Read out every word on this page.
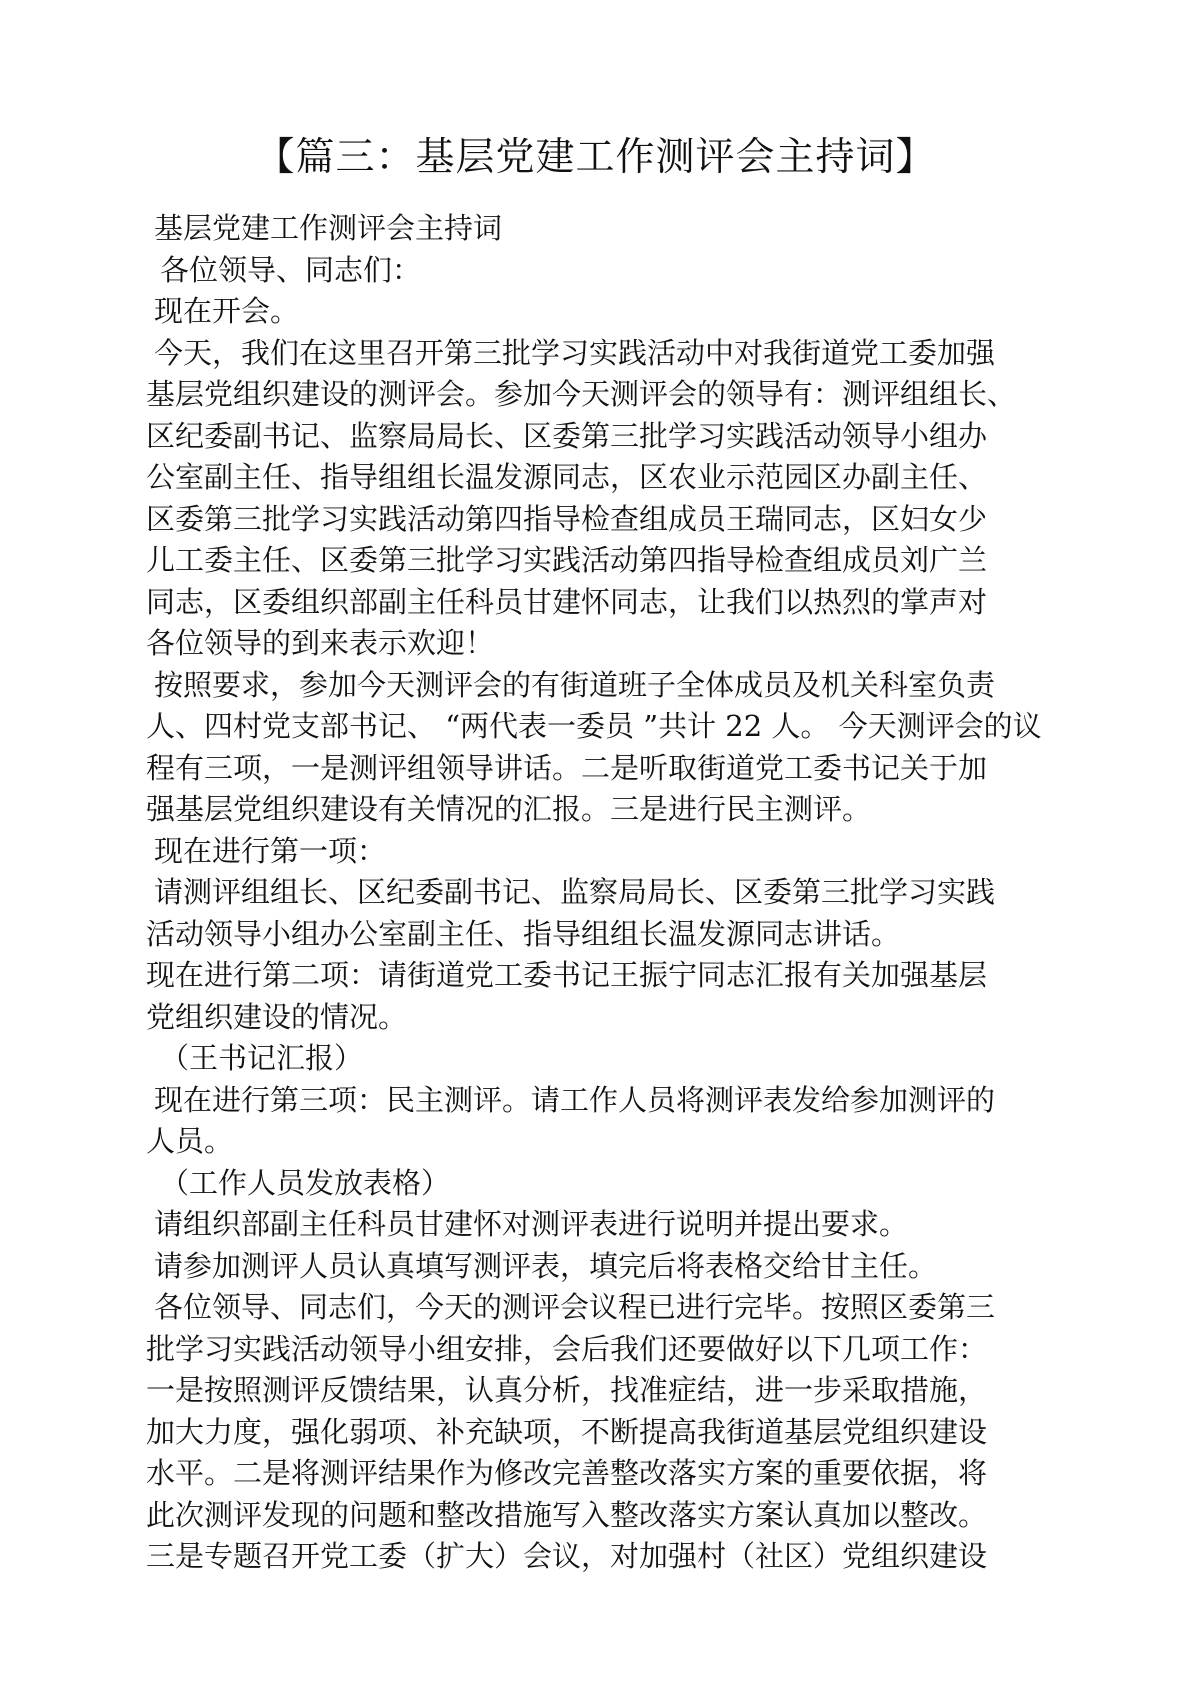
【篇三：基层党建工作测评会主持词】
基层党建工作测评会主持词
各位领导、同志们：
现在开会。
今天，我们在这里召开第三批学习实践活动中对我街道党工委加强
基层党组织建设的测评会。参加今天测评会的领导有：测评组组长、
区纪委副书记、监察局局长、区委第三批学习实践活动领导小组办
公室副主任、指导组组长温发源同志，区农业示范园区办副主任、
区委第三批学习实践活动第四指导检查组成员王瑞同志，区妇女少
儿工委主任、区委第三批学习实践活动第四指导检查组成员刘广兰
同志，区委组织部副主任科员甘建怀同志，让我们以热烈的掌声对
各位领导的到来表示欢迎！
按照要求，参加今天测评会的有街道班子全体成员及机关科室负责
人、四村党支部书记、 “两代表一委员 ”共计 22 人。 今天测评会的议
程有三项，一是测评组领导讲话。二是听取街道党工委书记关于加
强基层党组织建设有关情况的汇报。三是进行民主测评。
现在进行第一项：
请测评组组长、区纪委副书记、监察局局长、区委第三批学习实践
活动领导小组办公室副主任、指导组组长温发源同志讲话。
现在进行第二项：请街道党工委书记王振宁同志汇报有关加强基层
党组织建设的情况。
（王书记汇报）
现在进行第三项：民主测评。请工作人员将测评表发给参加测评的
人员。
（工作人员发放表格）
请组织部副主任科员甘建怀对测评表进行说明并提出要求。
请参加测评人员认真填写测评表，填完后将表格交给甘主任。
各位领导、同志们，今天的测评会议程已进行完毕。按照区委第三
批学习实践活动领导小组安排，会后我们还要做好以下几项工作：
一是按照测评反馈结果，认真分析，找准症结，进一步采取措施，
加大力度，强化弱项、补充缺项，不断提高我街道基层党组织建设
水平。二是将测评结果作为修改完善整改落实方案的重要依据，将
此次测评发现的问题和整改措施写入整改落实方案认真加以整改。
三是专题召开党工委（扩大）会议，对加强村（社区）党组织建设
